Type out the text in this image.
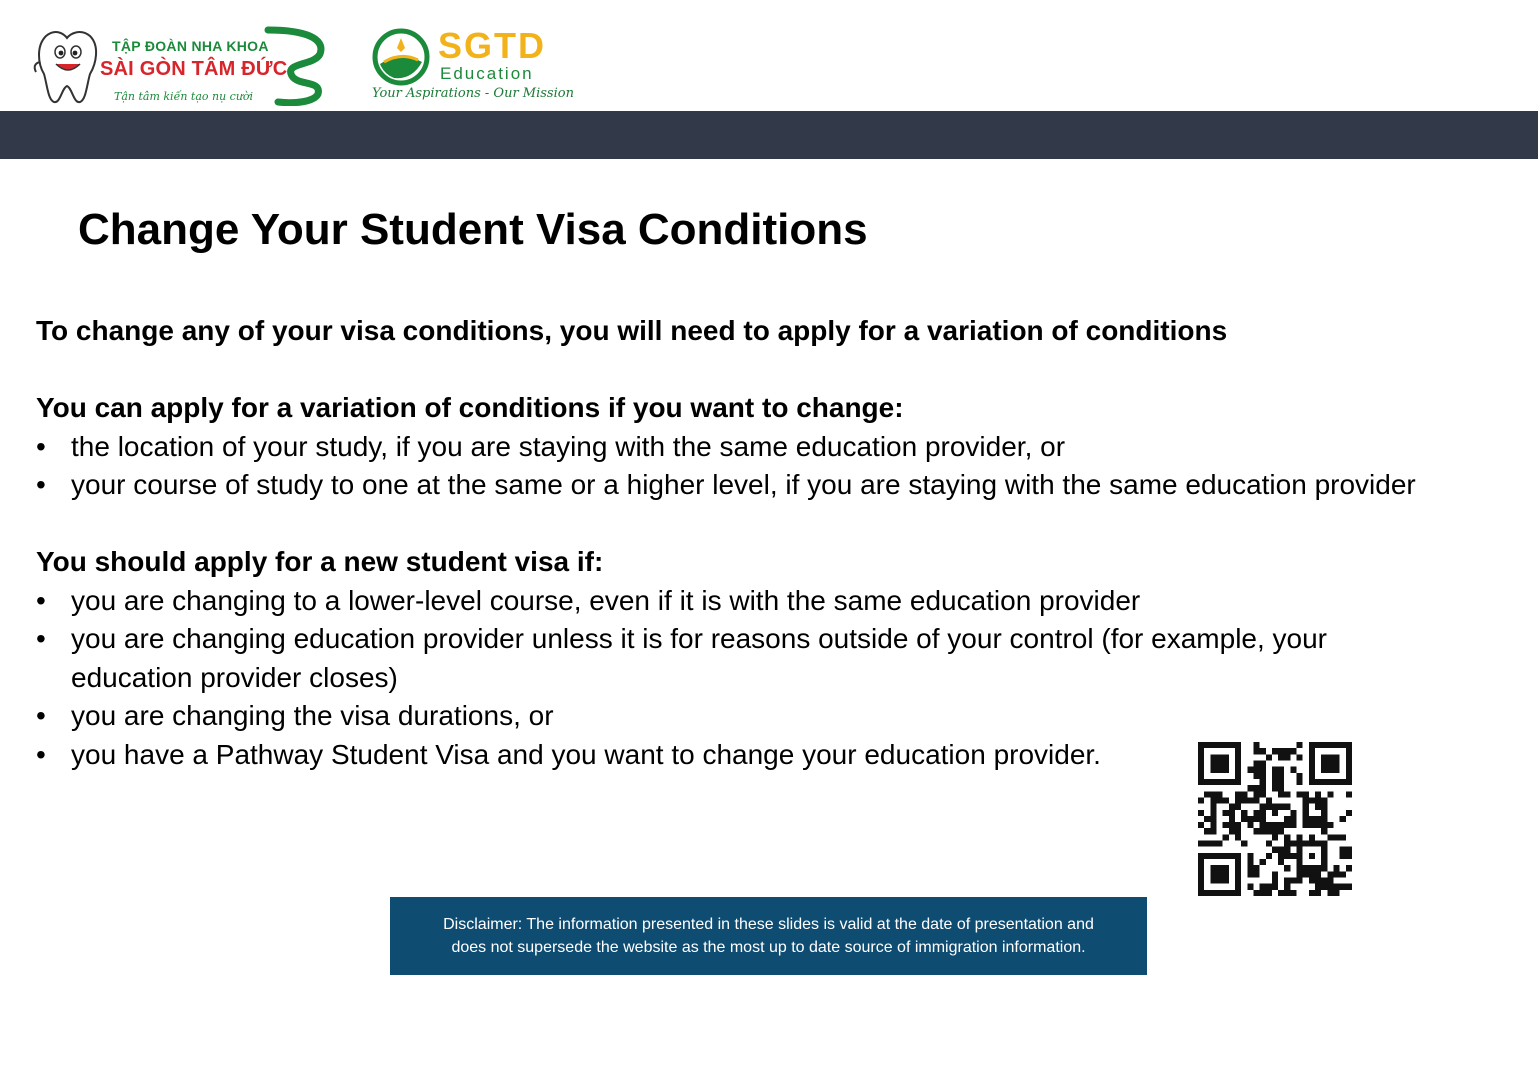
TẬP ĐOÀN NHA KHOA
SÀI GÒN TÂM ĐỨC
Tận tâm kiến tạo nụ cười
SGTD
Education
Your Aspirations - Our Mission
Change Your Student Visa Conditions

To change any of your visa conditions, you will need to apply for a variation of conditions

You can apply for a variation of conditions if you want to change:

• the location of your study, if you are staying with the same education provider, or
• your course of study to one at the same or a higher level, if you are staying with the same education provider

You should apply for a new student visa if:

• you are changing to a lower-level course, even if it is with the same education provider
• you are changing education provider unless it is for reasons outside of your control (for example, your education provider closes)
• you are changing the visa durations, or
• you have a Pathway Student Visa and you want to change your education provider.
Disclaimer: The information presented in these slides is valid at the date of presentation and
does not supersede the website as the most up to date source of immigration information.
